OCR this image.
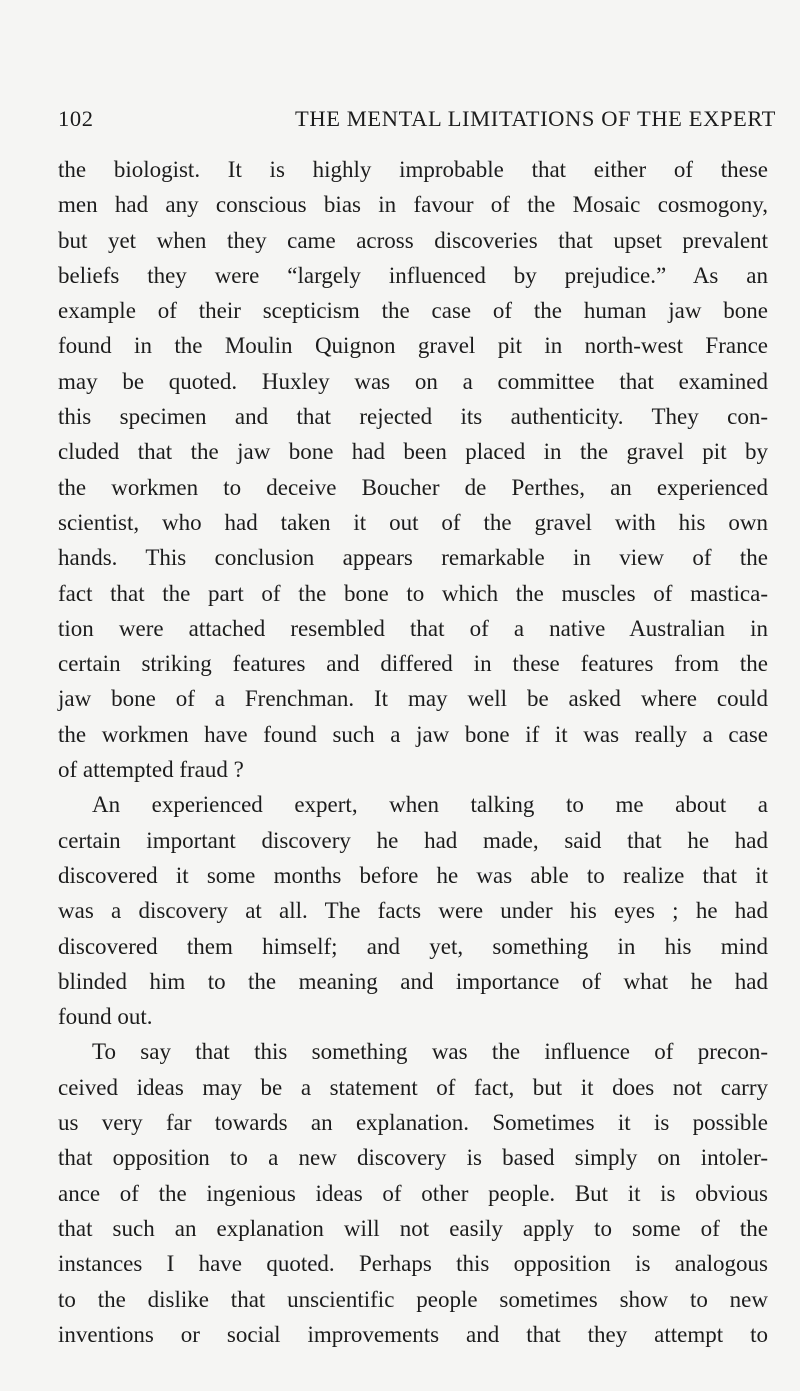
102	THE MENTAL LIMITATIONS OF THE EXPERT
the biologist. It is highly improbable that either of these
men had any conscious bias in favour of the Mosaic cosmogony,
but yet when they came across discoveries that upset prevalent
beliefs they were “largely influenced by prejudice.” As an
example of their scepticism the case of the human jaw bone
found in the Moulin Quignon gravel pit in north-west France
may be quoted. Huxley was on a committee that examined
this specimen and that rejected its authenticity. They con-
cluded that the jaw bone had been placed in the gravel pit by
the workmen to deceive Boucher de Perthes, an experienced
scientist, who had taken it out of the gravel with his own
hands. This conclusion appears remarkable in view of the
fact that the part of the bone to which the muscles of mastica-
tion were attached resembled that of a native Australian in
certain striking features and differed in these features from the
jaw bone of a Frenchman. It may well be asked where could
the workmen have found such a jaw bone if it was really a case
of attempted fraud ?
An experienced expert, when talking to me about a
certain important discovery he had made, said that he had
discovered it some months before he was able to realize that it
was a discovery at all. The facts were under his eyes ; he had
discovered them himself; and yet, something in his mind
blinded him to the meaning and importance of what he had
found out.
To say that this something was the influence of precon-
ceived ideas may be a statement of fact, but it does not carry
us very far towards an explanation. Sometimes it is possible
that opposition to a new discovery is based simply on intoler-
ance of the ingenious ideas of other people. But it is obvious
that such an explanation will not easily apply to some of the
instances I have quoted. Perhaps this opposition is analogous
to the dislike that unscientific people sometimes show to new
inventions or social improvements and that they attempt to
